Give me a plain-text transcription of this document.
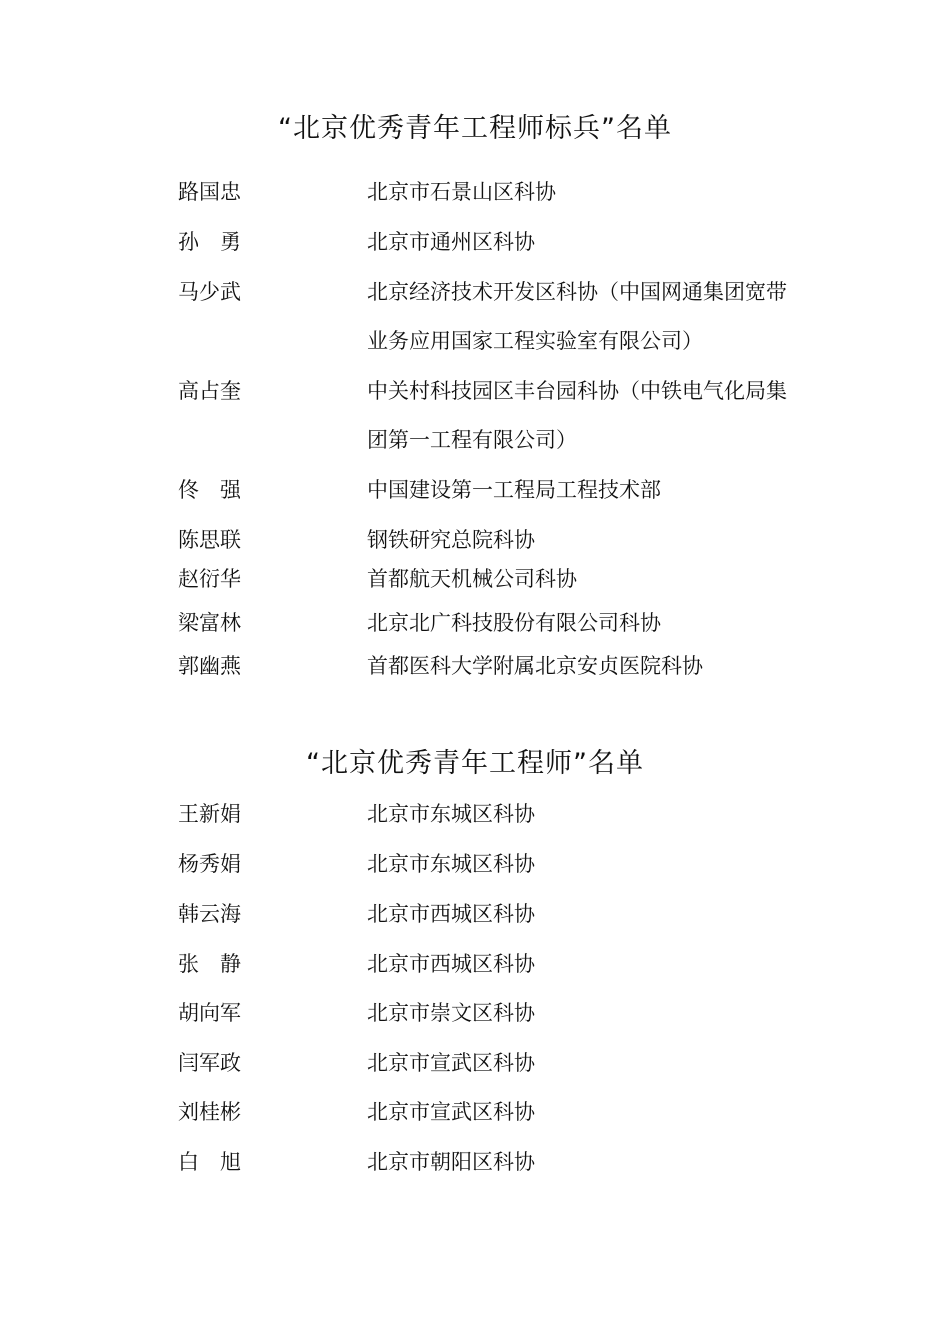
“北京优秀青年工程师标兵”名单
路国忠	北京市石景山区科协
孙　勇	北京市通州区科协
马少武	北京经济技术开发区科协（中国网通集团宽带
业务应用国家工程实验室有限公司）
高占奎	中关村科技园区丰台园科协（中铁电气化局集
团第一工程有限公司）
佟　强	中国建设第一工程局工程技术部
陈思联	钢铁研究总院科协
赵衍华	首都航天机械公司科协
梁富林	北京北广科技股份有限公司科协
郭幽燕	首都医科大学附属北京安贞医院科协
“北京优秀青年工程师”名单
王新娟	北京市东城区科协
杨秀娟	北京市东城区科协
韩云海	北京市西城区科协
张　静	北京市西城区科协
胡向军	北京市崇文区科协
闫军政	北京市宣武区科协
刘桂彬	北京市宣武区科协
白　旭	北京市朝阳区科协
